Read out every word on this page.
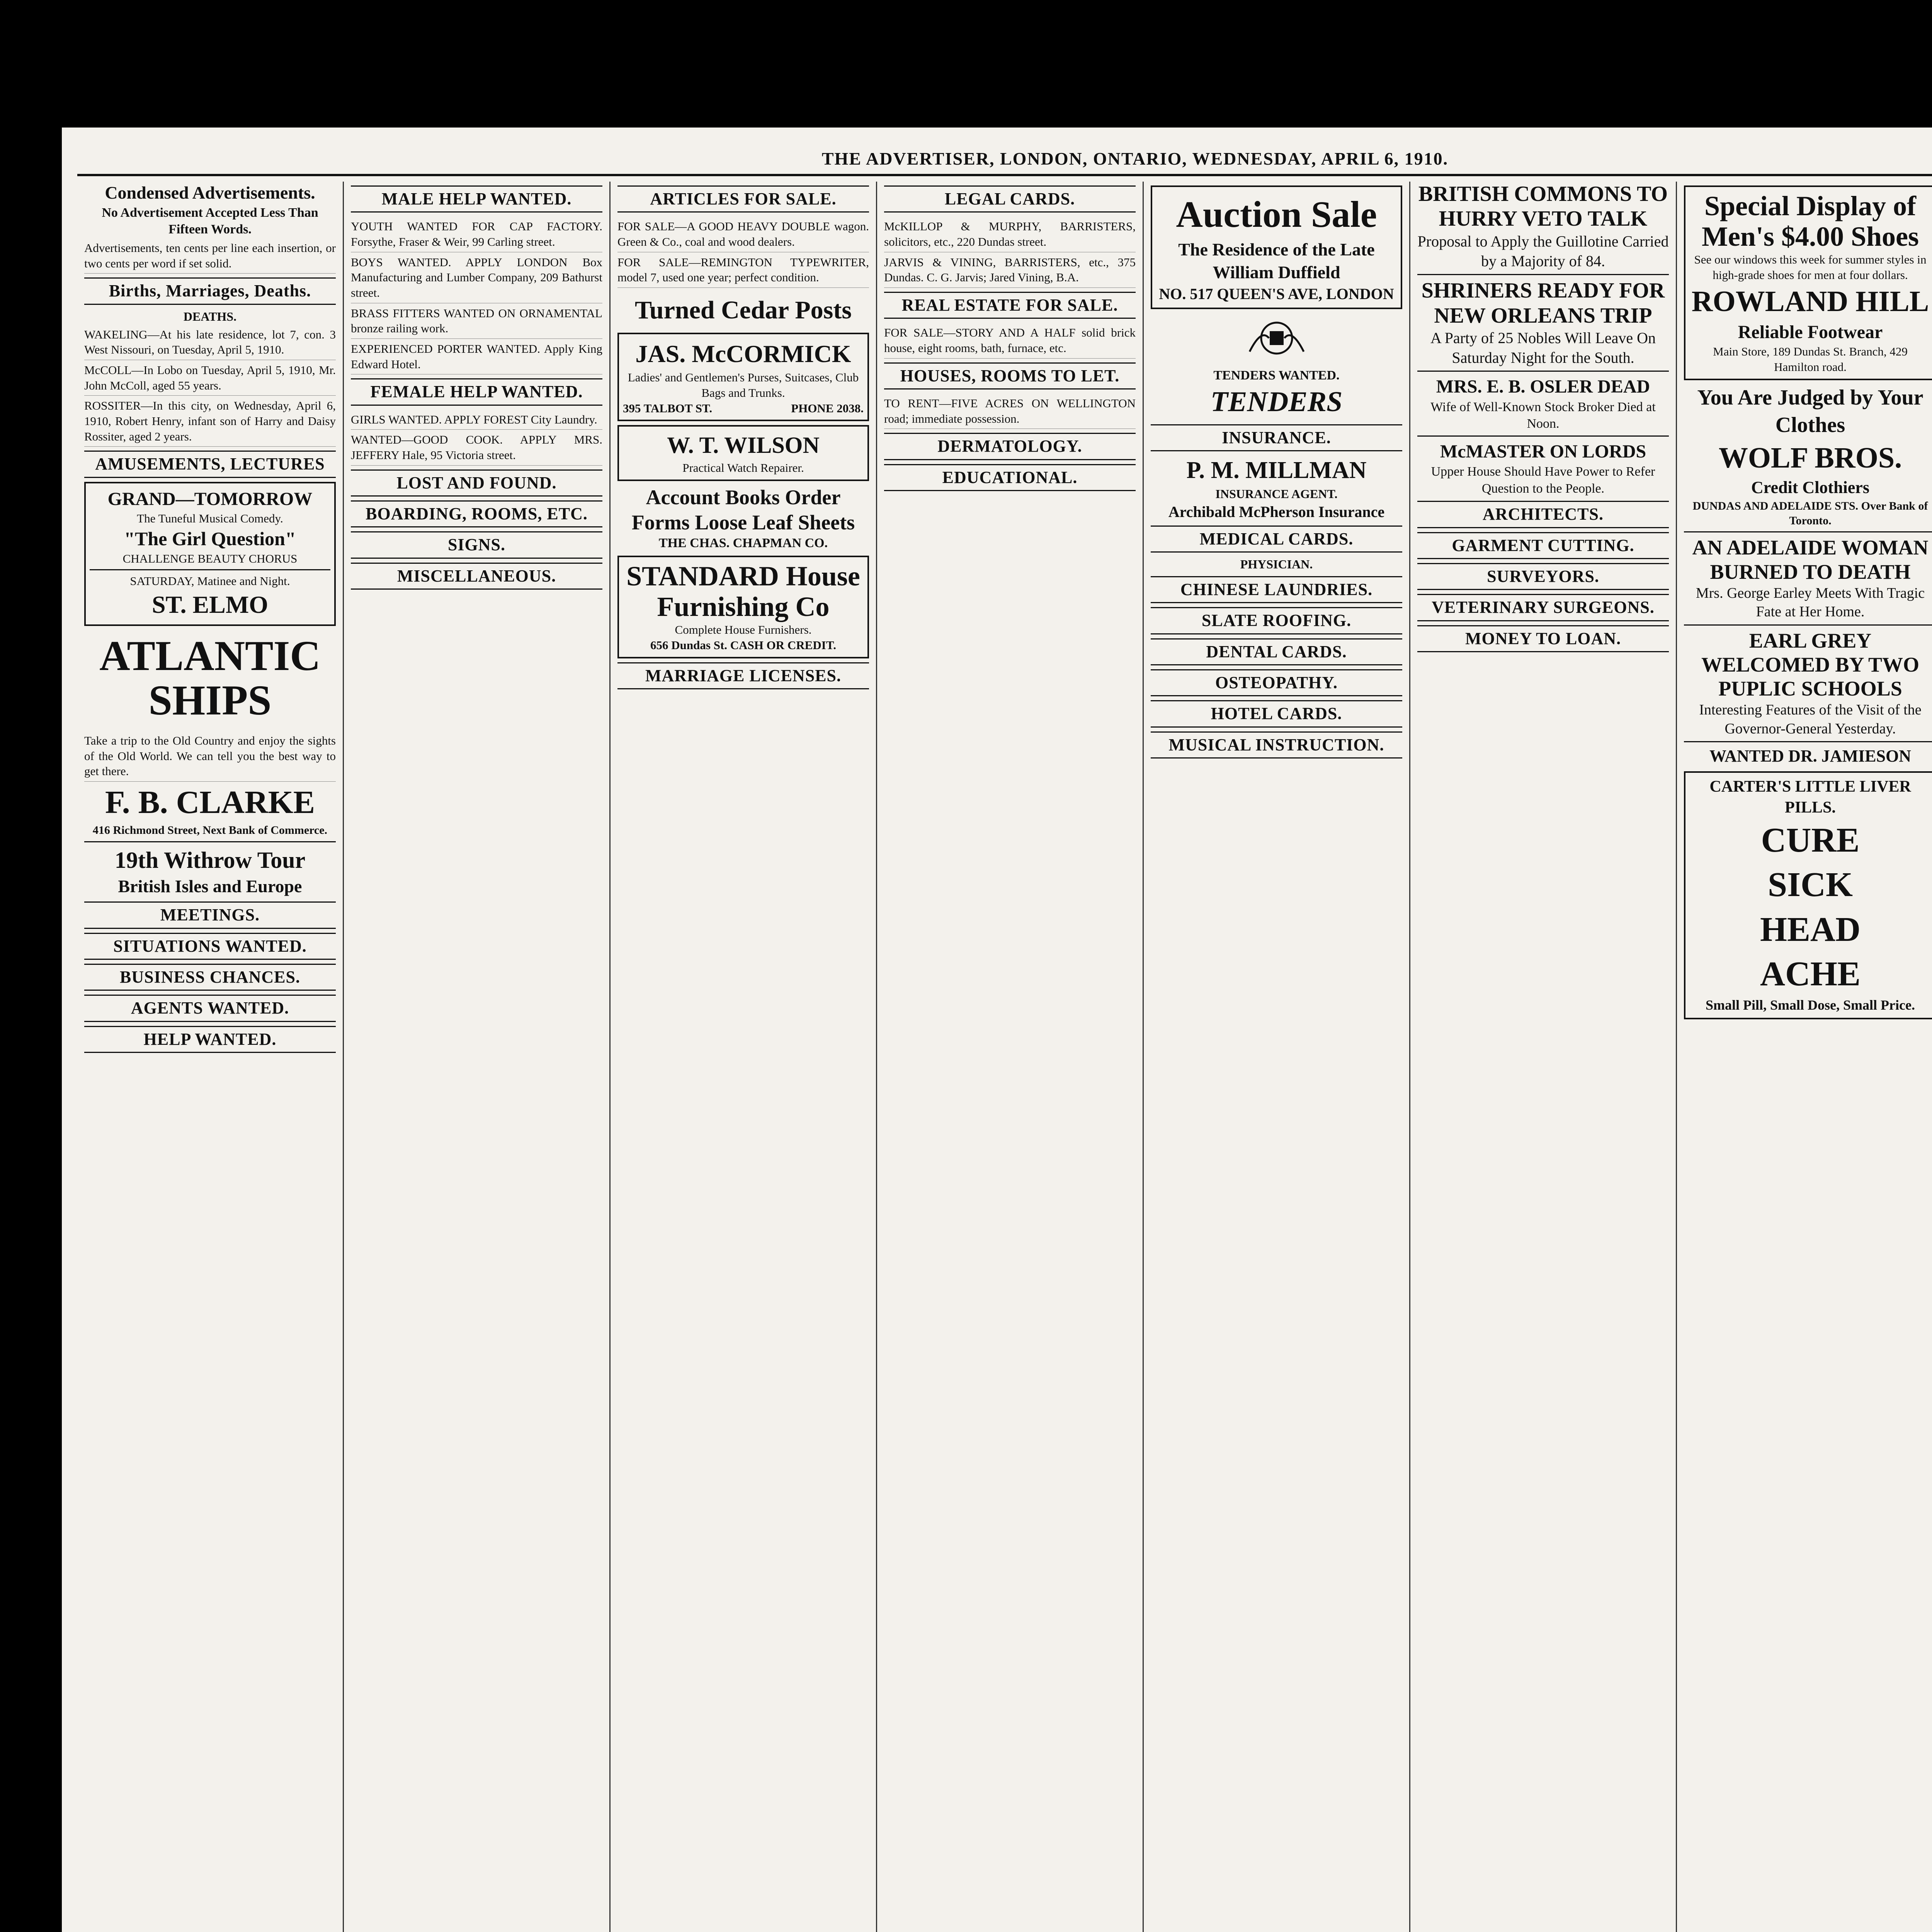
THE ADVERTISER, LONDON, ONTARIO, WEDNESDAY, APRIL 6, 1910.
Condensed Advertisements.
No Advertisement Accepted Less Than Fifteen Words.
Advertisements, ten cents per line each insertion, or two cents per word if set solid.
Births, Marriages, Deaths.
DEATHS.
WAKELING—At his late residence, lot 7, con. 3 West Nissouri, on Tuesday, April 5, 1910.
McCOLL—In Lobo on Tuesday, April 5, 1910, Mr. John McColl, aged 55 years.
ROSSITER—In this city, on Wednesday, April 6, 1910, Robert Henry, infant son of Harry and Daisy Rossiter, aged 2 years.
AMUSEMENTS, LECTURES
GRAND—TOMORROW
The Tuneful Musical Comedy.
"The Girl Question"
CHALLENGE BEAUTY CHORUS
SATURDAY, Matinee and Night.
ST. ELMO
ATLANTIC SHIPS
Take a trip to the Old Country and enjoy the sights of the Old World. We can tell you the best way to get there.
F. B. CLARKE
416 Richmond Street, Next Bank of Commerce.
19th Withrow Tour
British Isles and Europe
MEETINGS.
SITUATIONS WANTED.
BUSINESS CHANCES.
AGENTS WANTED.
HELP WANTED.
MALE HELP WANTED.
YOUTH WANTED FOR CAP FACTORY. Forsythe, Fraser & Weir, 99 Carling street.
BOYS WANTED. APPLY LONDON Box Manufacturing and Lumber Company, 209 Bathurst street.
BRASS FITTERS WANTED ON ORNAMENTAL bronze railing work.
EXPERIENCED PORTER WANTED. Apply King Edward Hotel.
FEMALE HELP WANTED.
GIRLS WANTED. APPLY FOREST City Laundry.
WANTED—GOOD COOK. APPLY MRS. JEFFERY Hale, 95 Victoria street.
LOST AND FOUND.
BOARDING, ROOMS, ETC.
SIGNS.
MISCELLANEOUS.
ARTICLES FOR SALE.
FOR SALE—A GOOD HEAVY DOUBLE wagon. Green & Co., coal and wood dealers.
FOR SALE—REMINGTON TYPEWRITER, model 7, used one year; perfect condition.
Turned Cedar Posts
JAS. McCORMICK
Ladies' and Gentlemen's Purses, Suitcases, Club Bags and Trunks.
395 TALBOT ST.	PHONE 2038.
W. T. WILSON
Practical Watch Repairer.
Account Books Order Forms Loose Leaf Sheets
THE CHAS. CHAPMAN CO.
STANDARD House Furnishing Co
Complete House Furnishers.
656 Dundas St. CASH OR CREDIT.
MARRIAGE LICENSES.
LEGAL CARDS.
McKILLOP & MURPHY, BARRISTERS, solicitors, etc., 220 Dundas street.
JARVIS & VINING, BARRISTERS, etc., 375 Dundas. C. G. Jarvis; Jared Vining, B.A.
REAL ESTATE FOR SALE.
FOR SALE—STORY AND A HALF solid brick house, eight rooms, bath, furnace, etc.
HOUSES, ROOMS TO LET.
TO RENT—FIVE ACRES ON WELLINGTON road; immediate possession.
DERMATOLOGY.
EDUCATIONAL.
Auction Sale
The Residence of the Late William Duffield
NO. 517 QUEEN'S AVE, LONDON
TENDERS WANTED.
TENDERS
INSURANCE.
P. M. MILLMAN
INSURANCE AGENT.
Archibald McPherson Insurance
MEDICAL CARDS.
PHYSICIAN.
CHINESE LAUNDRIES.
SLATE ROOFING.
DENTAL CARDS.
OSTEOPATHY.
HOTEL CARDS.
MUSICAL INSTRUCTION.
BRITISH COMMONS TO HURRY VETO TALK
Proposal to Apply the Guillotine Carried by a Majority of 84.
SHRINERS READY FOR NEW ORLEANS TRIP
A Party of 25 Nobles Will Leave On Saturday Night for the South.
MRS. E. B. OSLER DEAD
Wife of Well-Known Stock Broker Died at Noon.
McMASTER ON LORDS
Upper House Should Have Power to Refer Question to the People.
ARCHITECTS.
GARMENT CUTTING.
SURVEYORS.
VETERINARY SURGEONS.
MONEY TO LOAN.
Special Display of Men's $4.00 Shoes
See our windows this week for summer styles in high-grade shoes for men at four dollars.
ROWLAND HILL
Reliable Footwear
Main Store, 189 Dundas St. Branch, 429 Hamilton road.
You Are Judged by Your Clothes
WOLF BROS.
Credit Clothiers
DUNDAS AND ADELAIDE STS. Over Bank of Toronto.
AN ADELAIDE WOMAN BURNED TO DEATH
Mrs. George Earley Meets With Tragic Fate at Her Home.
EARL GREY WELCOMED BY TWO PUPLIC SCHOOLS
Interesting Features of the Visit of the Governor-General Yesterday.
WANTED DR. JAMIESON
CARTER'S LITTLE LIVER PILLS.
CURE
SICK
HEAD
ACHE
Small Pill, Small Dose, Small Price.
